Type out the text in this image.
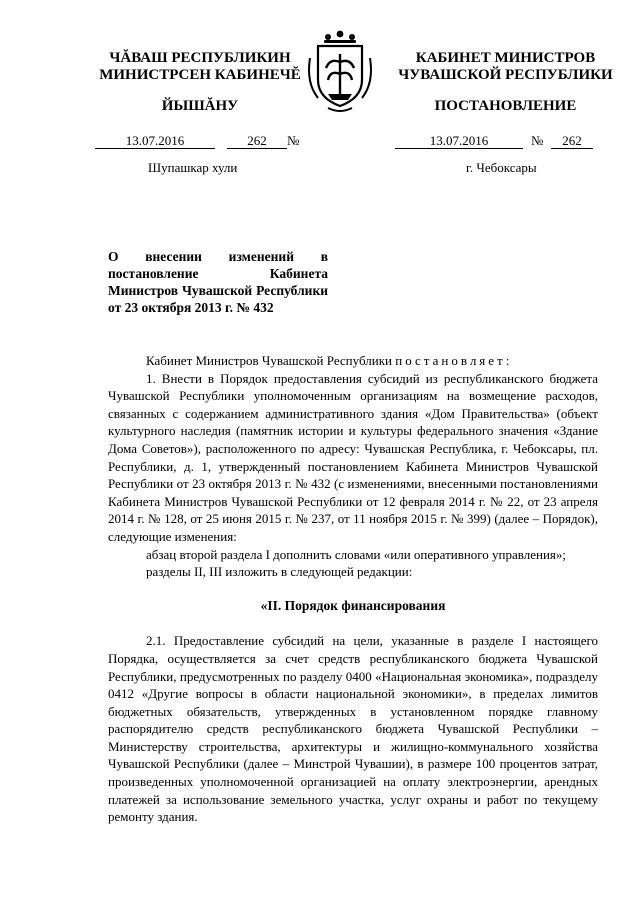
ЧĂВАШ РЕСПУБЛИКИН
МИНИСТРСЕН КАБИНЕЧĔ
КАБИНЕТ МИНИСТРОВ
ЧУВАШСКОЙ РЕСПУБЛИКИ
ЙЫШĂНУ	ПОСТАНОВЛЕНИЕ
13.07.2016	262	№	13.07.2016	№	262
Шупашкар хули	г. Чебоксары
О внесении изменений в постановление Кабинета Министров Чувашской Республики от 23 октября 2013 г. № 432

Кабинет Министров Чувашской Республики постановляет:

1. Внести в Порядок предоставления субсидий из республиканского бюджета Чувашской Республики уполномоченным организациям на возмещение расходов, связанных с содержанием административного здания «Дом Правительства» (объект культурного наследия (памятник истории и культуры федерального значения «Здание Дома Советов»), расположенного по адресу: Чувашская Республика, г. Чебоксары, пл. Республики, д. 1, утвержденный постановлением Кабинета Министров Чувашской Республики от 23 октября 2013 г. № 432 (с изменениями, внесенными постановлениями Кабинета Министров Чувашской Республики от 12 февраля 2014 г. № 22, от 23 апреля 2014 г. № 128, от 25 июня 2015 г. № 237, от 11 ноября 2015 г. № 399) (далее – Порядок), следующие изменения:

абзац второй раздела I дополнить словами «или оперативного управления»;

разделы II, III изложить в следующей редакции:

«II. Порядок финансирования

2.1. Предоставление субсидий на цели, указанные в разделе I настоящего Порядка, осуществляется за счет средств республиканского бюджета Чувашской Республики, предусмотренных по разделу 0400 «Национальная экономика», подразделу 0412 «Другие вопросы в области национальной экономики», в пределах лимитов бюджетных обязательств, утвержденных в установленном порядке главному распорядителю средств республиканского бюджета Чувашской Республики – Министерству строительства, архитектуры и жилищно-коммунального хозяйства Чувашской Республики (далее – Минстрой Чувашии), в размере 100 процентов затрат, произведенных уполномоченной организацией на оплату электроэнергии, арендных платежей за использование земельного участка, услуг охраны и работ по текущему ремонту здания.
